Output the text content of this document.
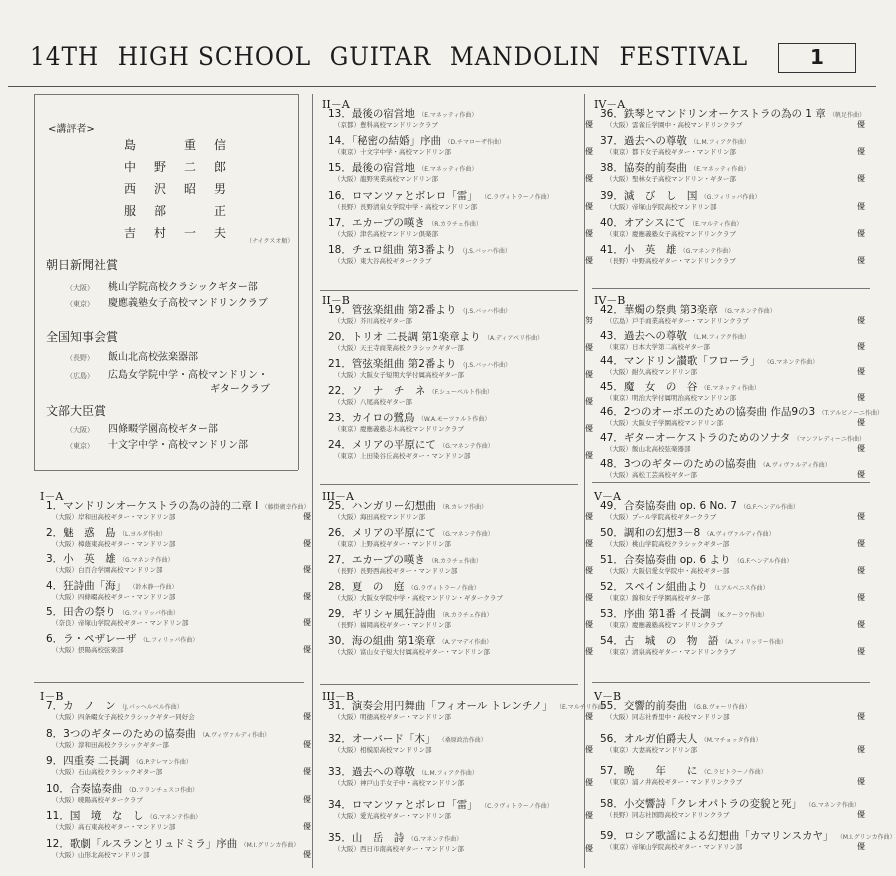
14TH HIGH SCHOOL GUITAR MANDOLIN FESTIVAL	1
<講評者>
島　重信
中野二郎
西沢昭男
服部　正
吉村一夫
（ナイクスオ順）
朝日新聞社賞
（大阪） 桃山学院高校クラシックギター部
（東京） 慶應義塾女子高校マンドリンクラブ
全国知事会賞
（長野） 飯山北高校弦楽器部
（広島） 広島女学院中学・高校マンドリン・
ギタークラブ
文部大臣賞
（大阪） 四條畷学園高校ギター部
（東京） 十文字中学・高校マンドリン部
I－A
1．マンドリンオーケストラの為の詩的二章 I （藤掛廣幸作曲）
（大阪）岸和田高校ギター・マンドリン部	優
2．魅　惑　島 （L.ヨルダ作曲）
（大阪）樟蔭東高校ギター・マンドリン部	優
3．小　英　雄 （G.マネンテ作曲）
（大阪）白百合学園高校マンドリン部	優
4．狂詩曲「海」 （鈴木静一作曲）
（大阪）四條畷高校ギター・マンドリン部	優
5．田舎の祭り （G.フィリッパ作曲）
（奈良）帝塚山学院高校ギター・マンドリン部	優
6．ラ・ペザレーザ （L.フィリッパ作曲）
（大阪）摂陽高校弦楽部	優
I－B
7．カ　ノ　ン （J.パッヘルベル作曲）
（大阪）四条畷女子高校クラシックギター同好会	優
8．3つのギターのための協奏曲 （A.ヴィヴァルディ作曲）
（大阪）淳和田高校クラシックギター部	優
9．四重奏 二長調 （G.P.テレマン作曲）
（大阪）石山高校クラシックギター部	優
10．合奏協奏曲 （D.フランチェスコ作曲）
（大阪）暁陽高校ギタークラブ	優
11．国　境　な　し （G.マネンテ作曲）
（大阪）高石東高校ギター・マンドリン部	優
12．歌劇「ルスランとリュドミラ」序曲 （M.I.グリンカ作曲）
（大阪）山形北高校マンドリン部	優
II－A
13．最後の宿営地 （E.マネッティ作曲）
（京都）豊科高校マンドリンクラブ	優
14．「秘密の結婚」序曲 （D.チマローザ作曲）
（東京）十文字中学・高校マンドリン部	優
15．最後の宿営地 （E.マネッティ作曲）
（大阪）龍野実業高校マンドリン部	優
16．ロマンツァとボレロ「雷」 （C.ラヴィトラーノ作曲）
（長野）長野清泉女学院中学・高校マンドリン部	優
17．エカーブの嘆き （R.カラチェ作曲）
（大阪）津名高校マンドリン倶楽部	優
18．チェロ組曲 第3番より （J.S.バッハ作曲）
（大阪）東大谷高校ギタークラブ	優
II－B
19．管弦楽組曲 第2番より （J.S.バッハ作曲）
（大阪）芥川高校ギター部	努
20．トリオ 二長調 第1楽章より （A.ディアベリ作曲）
（大阪）天王寺商業高校クラシックギター部	優
21．管弦楽組曲 第2番より （J.S.バッハ作曲）
（大阪）大阪女子短期大学付属高校ギター部	優
22．ソ　ナ　チ　ネ （F.シューベルト作曲）
（大阪）八尾高校ギター部	優
23．カイロの鷺鳥 （W.A.モーツァルト作曲）
（東京）慶應義塾志木高校マンドリンクラブ	優
24．メリアの平原にて （G.マネンテ作曲）
（東京）上田染谷丘高校ギター・マンドリン部	優
III－A
25．ハンガリー幻想曲 （R.カレフ作曲）
（大阪）海田高校マンドリン部	優
26．メリアの平原にて （G.マネンテ作曲）
（東京）上野高校ギター・マンドリン部	優
27．エカーブの嘆き （R.カラチェ作曲）
（長野）長野西高校ギター・マンドリン部	優
28．夏　の　庭 （G.ラヴィトラーノ作曲）
（大阪）大阪女学院中学・高校マンドリン・ギタークラブ	優
29．ギリシャ風狂詩曲 （R.カラチェ作曲）
（長野）福岡高校ギター・マンドリン部	優
30．海の組曲 第1楽章 （A.アマデイ作曲）
（大阪）富山女子短大付属高校ギター・マンドリン部	優
III－B
31．演奏会用円舞曲「フィオール トレンチノ」 （E.マルチリ作曲）
（大阪）明徳高校ギター・マンドリン部	優
32．オーバード「木」 （桑原政治作曲）
（大阪）相模原高校マンドリン部	優
33．過去への尊敬 （L.M.フィアク作曲）
（大阪）神戸山手女子中・高校マンドリン部	優
34．ロマンツァとボレロ「雷」 （C.ラヴィトラーノ作曲）
（大阪）愛光高校ギター・マンドリン部	優
35．山　岳　詩 （G.マネンテ作曲）
（大阪）西日市南高校ギター・マンドリン部	優
IV－A
36．鉄琴とマンドリンオーケストラの為の 1 章 （帆足作曲）
（大阪）雲雀丘学園中・高校マンドリンクラブ	優
37．過去への尊敬 （L.M.フィアク作曲）
（東京）都下女子高校ギター・マンドリン部	優
38．協奏的前奏曲 （E.マネッティ作曲）
（大阪）聖林女子高校マンドリン・ギター部	優
39．滅　び　し　国 （G.フィリッパ作曲）
（大阪）帝塚山学院高校マンドリン部	優
40．オアシスにて （E.マルティ作曲）
（東京）慶應義塾女子高校マンドリンクラブ	優
41．小　英　雄 （G.マネンテ作曲）
（長野）中野高校ギター・マンドリンクラブ	優
IV－B
42．華燭の祭典 第3楽章 （G.マネンテ作曲）
（広島）戸手商業高校ギター・マンドリンクラブ	優
43．過去への尊敬 （L.M.フィアク作曲）
（東京）日本大学第二高校ギター部	優
44．マンドリン讃歌「フローラ」 （G.マネンテ作曲）
（大阪）耐久高校マンドリン部	優
45．魔　女　の　谷 （E.マネッティ作曲）
（東京）明治大学付属明治高校マンドリン部	優
46．2つのオーボエのための協奏曲 作品9の3 （T.アルビノーニ作曲）
（大阪）大阪女子学園高校マンドリン部	優
47．ギターオーケストラのためのソナタ （マンフレディーニ作曲）
（大阪）飯山北高校弦楽器部	優
48．3つのギターのための協奏曲 （A.ヴィヴァルディ作曲）
（大阪）高松工芸高校ギター部	優
V－A
49．合奏協奏曲 op. 6 No. 7 （G.F.ヘンデル作曲）
（大阪）プール学院高校ギタークラブ	優
50．調和の幻想3－8 （A.ヴィヴァルディ作曲）
（大阪）桃山学院高校クラシックギター部	優
51．合奏協奏曲 op. 6 より （G.F.ヘンデル作曲）
（大阪）大阪信愛女学院中・高校ギター部	優
52．スペイン組曲より （I.アルベニス作曲）
（東京）錦和女子学園高校ギター部	優
53．序曲 第1番 イ長調 （K.クーラウ作曲）
（東京）慶應義塾高校マンドリンクラブ	優
54．古　城　の　物　語 （A.フィリッリー作曲）
（東京）清泉高校ギター・マンドリンクラブ	優
V－B
55．交響的前奏曲 （G.B.ヴォーリ作曲）
（大阪）同志社香里中・高校マンドリン部	優
56．オルガ伯爵夫人 （M.マチョッタ作曲）
（東京）大妻高校マンドリン部	優
57．晩　　年　　に （C.ラビトラーノ作曲）
（東京）浦ノ井高校ギター・マンドリンクラブ	優
58．小交響詩「クレオパトラの変貌と死」 （G.マネンテ作曲）
（長野）同志社国際高校マンドリンクラブ	優
59．ロシア歌謡による幻想曲「カマリンスカヤ」 （M.I.グリンカ作曲）
（東京）帝塚山学院高校ギター・マンドリン部	優
